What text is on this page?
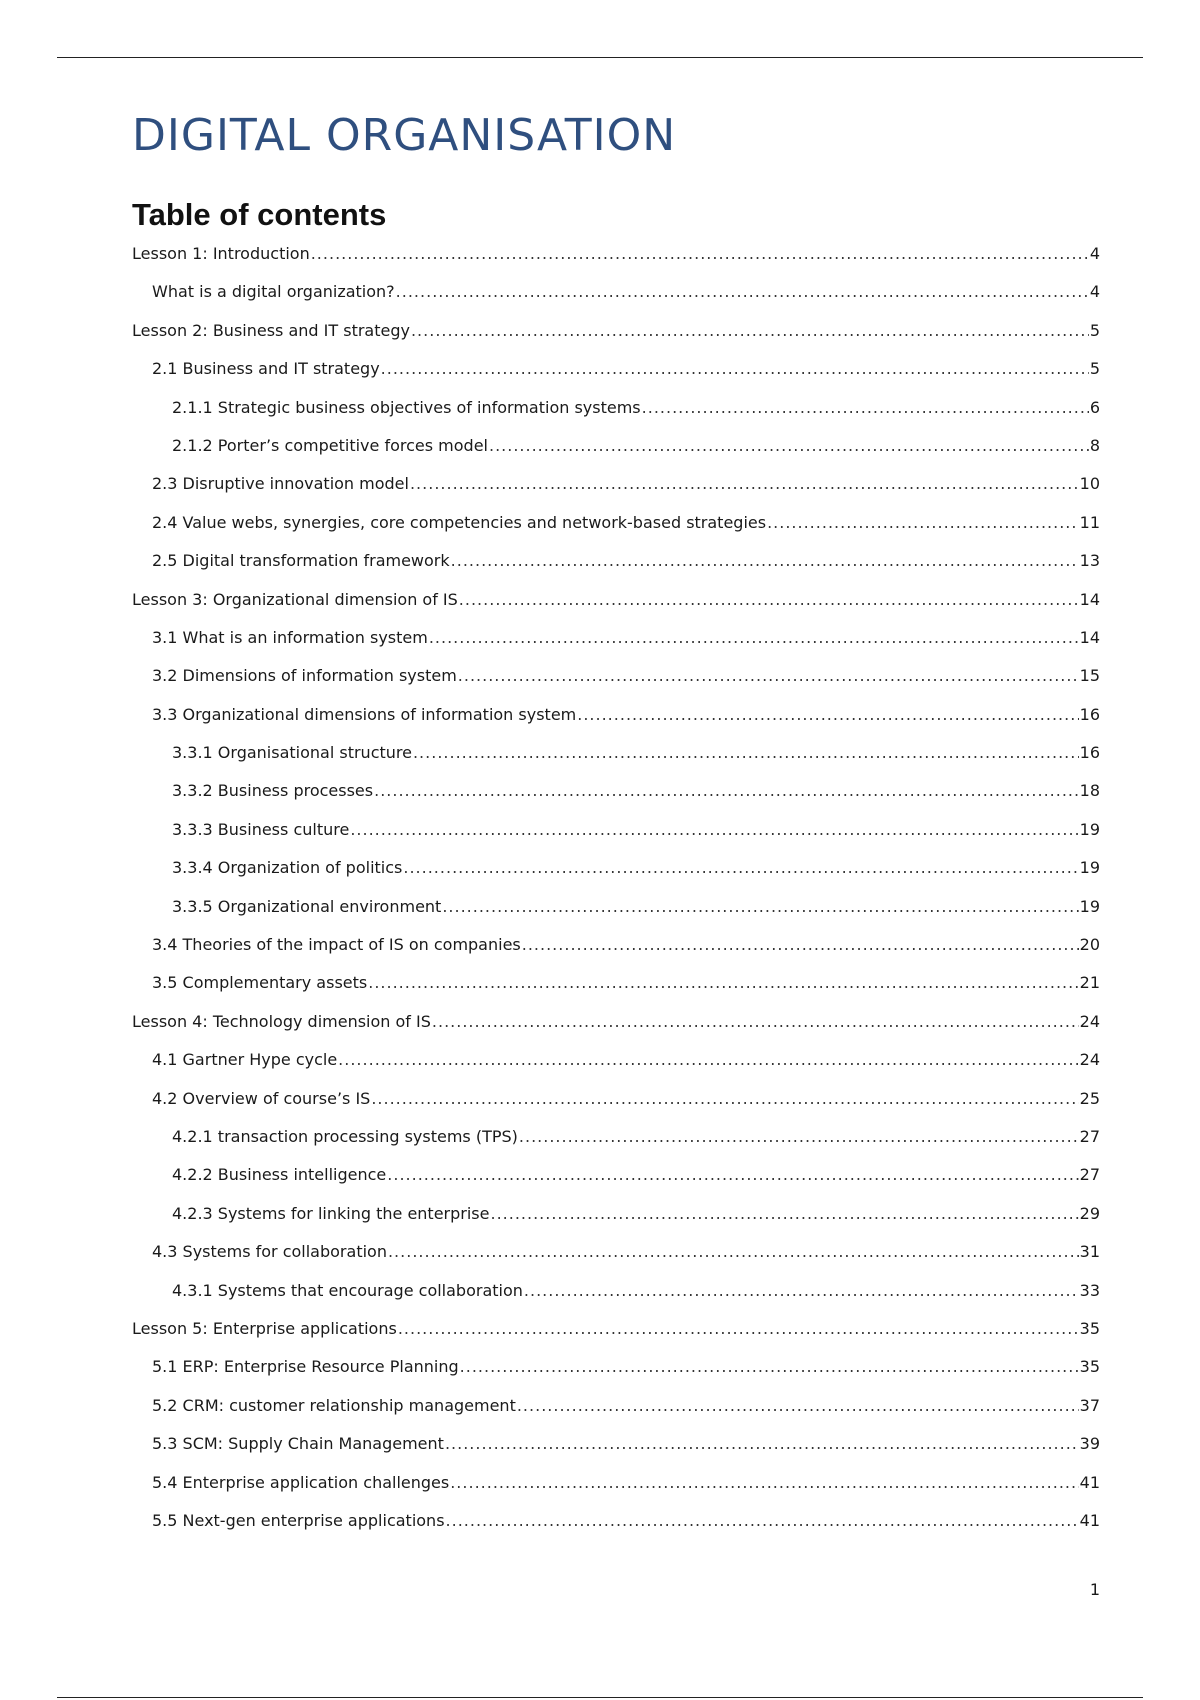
DIGITAL ORGANISATION
Table of contents
Lesson 1: Introduction .....	4
What is a digital organization? .....	4
Lesson 2: Business and IT strategy .....	5
2.1 Business and IT strategy .....	5
2.1.1 Strategic business objectives of information systems .....	6
2.1.2 Porter’s competitive forces model .....	8
2.3 Disruptive innovation model .....	10
2.4 Value webs, synergies, core competencies and network-based strategies .....	11
2.5 Digital transformation framework .....	13
Lesson 3: Organizational dimension of IS .....	14
3.1 What is an information system .....	14
3.2 Dimensions of information system .....	15
3.3 Organizational dimensions of information system .....	16
3.3.1 Organisational structure .....	16
3.3.2 Business processes .....	18
3.3.3 Business culture .....	19
3.3.4 Organization of politics .....	19
3.3.5 Organizational environment .....	19
3.4 Theories of the impact of IS on companies .....	20
3.5 Complementary assets .....	21
Lesson 4: Technology dimension of IS .....	24
4.1 Gartner Hype cycle .....	24
4.2 Overview of course’s IS .....	25
4.2.1 transaction processing systems (TPS) .....	27
4.2.2 Business intelligence .....	27
4.2.3 Systems for linking the enterprise .....	29
4.3 Systems for collaboration .....	31
4.3.1 Systems that encourage collaboration .....	33
Lesson 5: Enterprise applications .....	35
5.1 ERP: Enterprise Resource Planning .....	35
5.2 CRM: customer relationship management .....	37
5.3 SCM: Supply Chain Management .....	39
5.4 Enterprise application challenges .....	41
5.5 Next-gen enterprise applications .....	41
1
